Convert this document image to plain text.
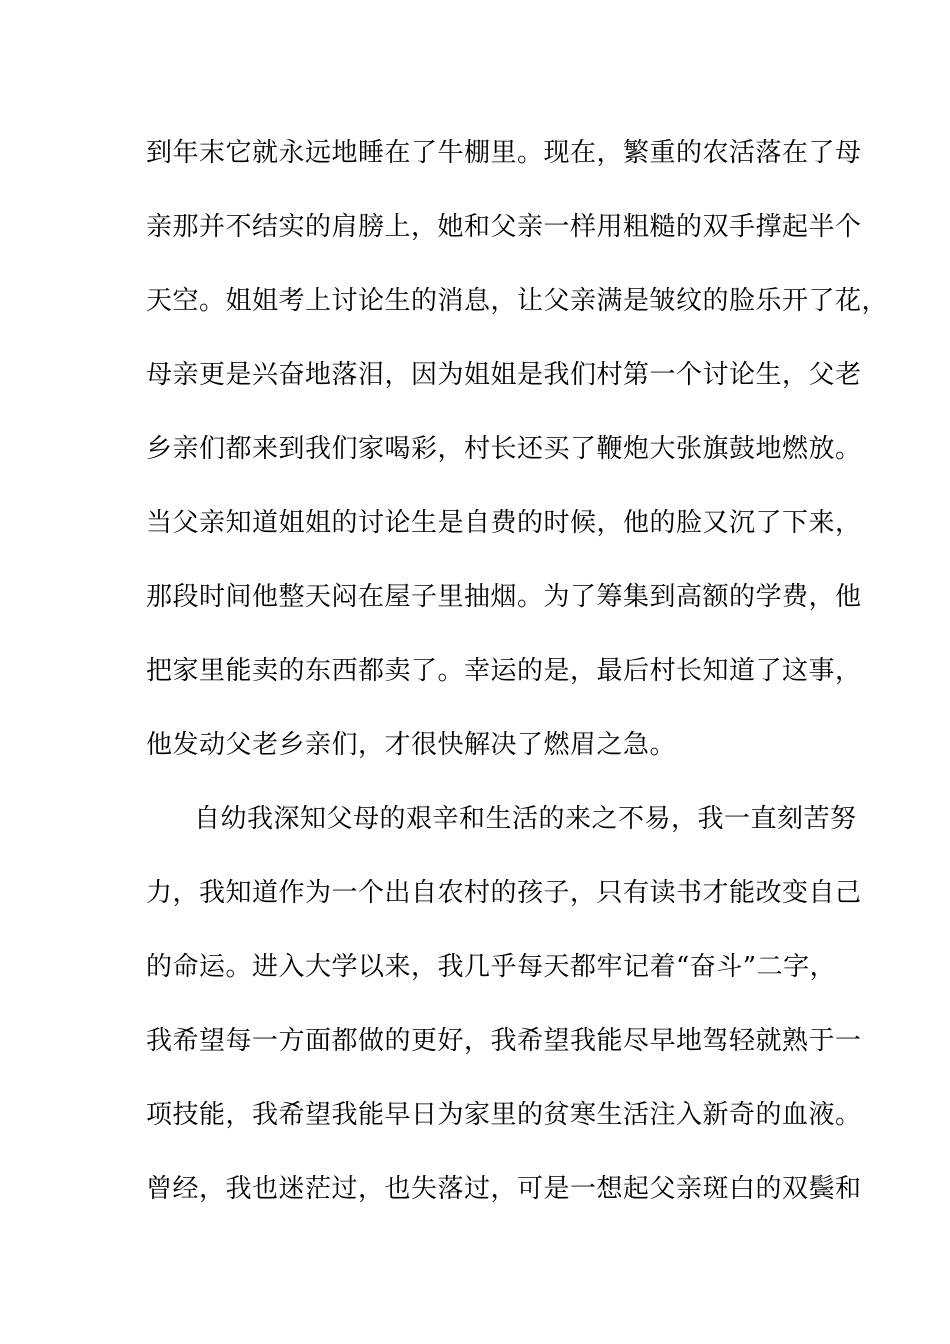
到年末它就永远地睡在了牛棚里。现在，繁重的农活落在了母
亲那并不结实的肩膀上，她和父亲一样用粗糙的双手撑起半个
天空。姐姐考上讨论生的消息，让父亲满是皱纹的脸乐开了花，
母亲更是兴奋地落泪，因为姐姐是我们村第一个讨论生，父老
乡亲们都来到我们家喝彩，村长还买了鞭炮大张旗鼓地燃放。
当父亲知道姐姐的讨论生是自费的时候，他的脸又沉了下来，
那段时间他整天闷在屋子里抽烟。为了筹集到高额的学费，他
把家里能卖的东西都卖了。幸运的是，最后村长知道了这事，
他发动父老乡亲们，才很快解决了燃眉之急。
自幼我深知父母的艰辛和生活的来之不易，我一直刻苦努
力，我知道作为一个出自农村的孩子，只有读书才能改变自己
的命运。进入大学以来，我几乎每天都牢记着“奋斗”二字，
我希望每一方面都做的更好，我希望我能尽早地驾轻就熟于一
项技能，我希望我能早日为家里的贫寒生活注入新奇的血液。
曾经，我也迷茫过，也失落过，可是一想起父亲斑白的双鬓和
